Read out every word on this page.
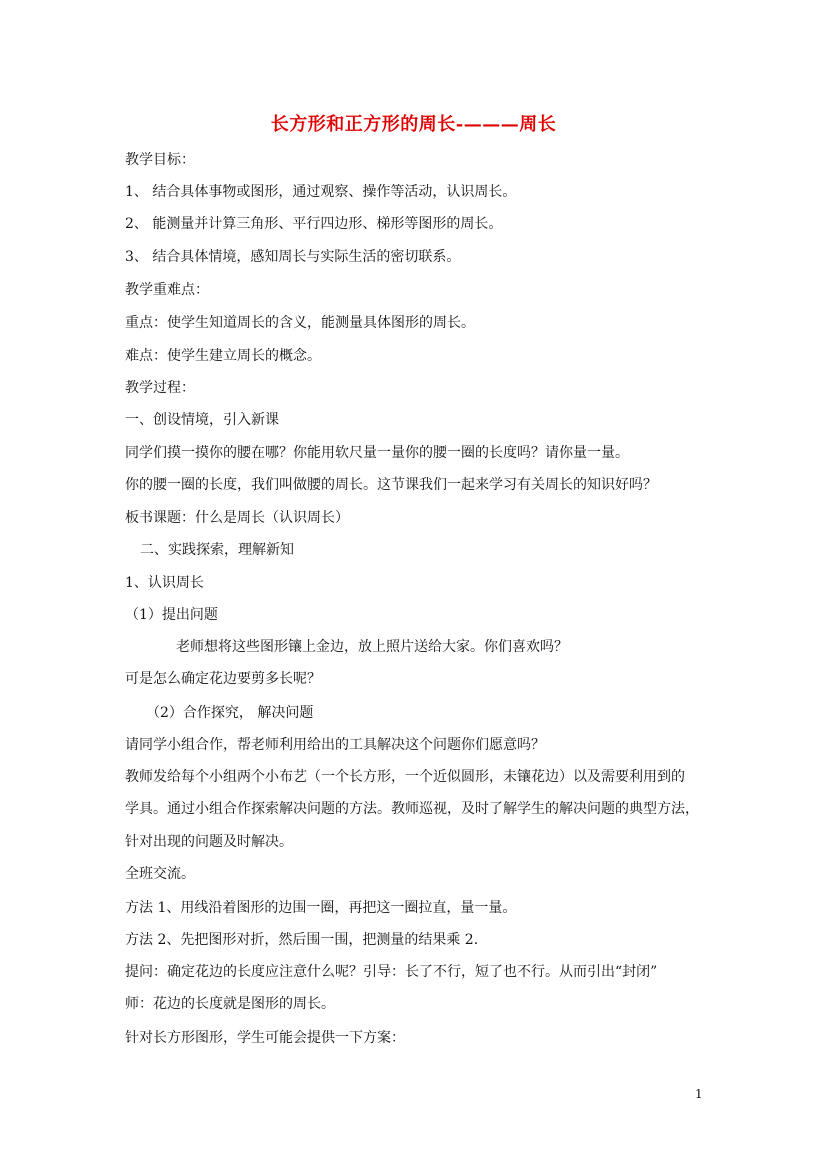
长方形和正方形的周长-———周长
教学目标：
1、 结合具体事物或图形，通过观察、操作等活动，认识周长。
2、 能测量并计算三角形、平行四边形、梯形等图形的周长。
3、 结合具体情境，感知周长与实际生活的密切联系。
教学重难点：
重点：使学生知道周长的含义，能测量具体图形的周长。
难点：使学生建立周长的概念。
教学过程：
一、创设情境，引入新课
同学们摸一摸你的腰在哪？你能用软尺量一量你的腰一圈的长度吗？请你量一量。
你的腰一圈的长度，我们叫做腰的周长。这节课我们一起来学习有关周长的知识好吗？
板书课题：什么是周长（认识周长）
二、实践探索，理解新知
1、认识周长
（1）提出问题
老师想将这些图形镶上金边，放上照片送给大家。你们喜欢吗？
可是怎么确定花边要剪多长呢？
（2）合作探究， 解决问题
请同学小组合作，帮老师利用给出的工具解决这个问题你们愿意吗？
教师发给每个小组两个小布艺（一个长方形，一个近似圆形，未镶花边）以及需要利用到的
学具。通过小组合作探索解决问题的方法。教师巡视，及时了解学生的解决问题的典型方法，
针对出现的问题及时解决。
全班交流。
方法 1、用线沿着图形的边围一圈，再把这一圈拉直，量一量。
方法 2、先把图形对折，然后围一围，把测量的结果乘 2.
提问：确定花边的长度应注意什么呢？引导：长了不行，短了也不行。从而引出“封闭”
师：花边的长度就是图形的周长。
针对长方形图形，学生可能会提供一下方案：
1
